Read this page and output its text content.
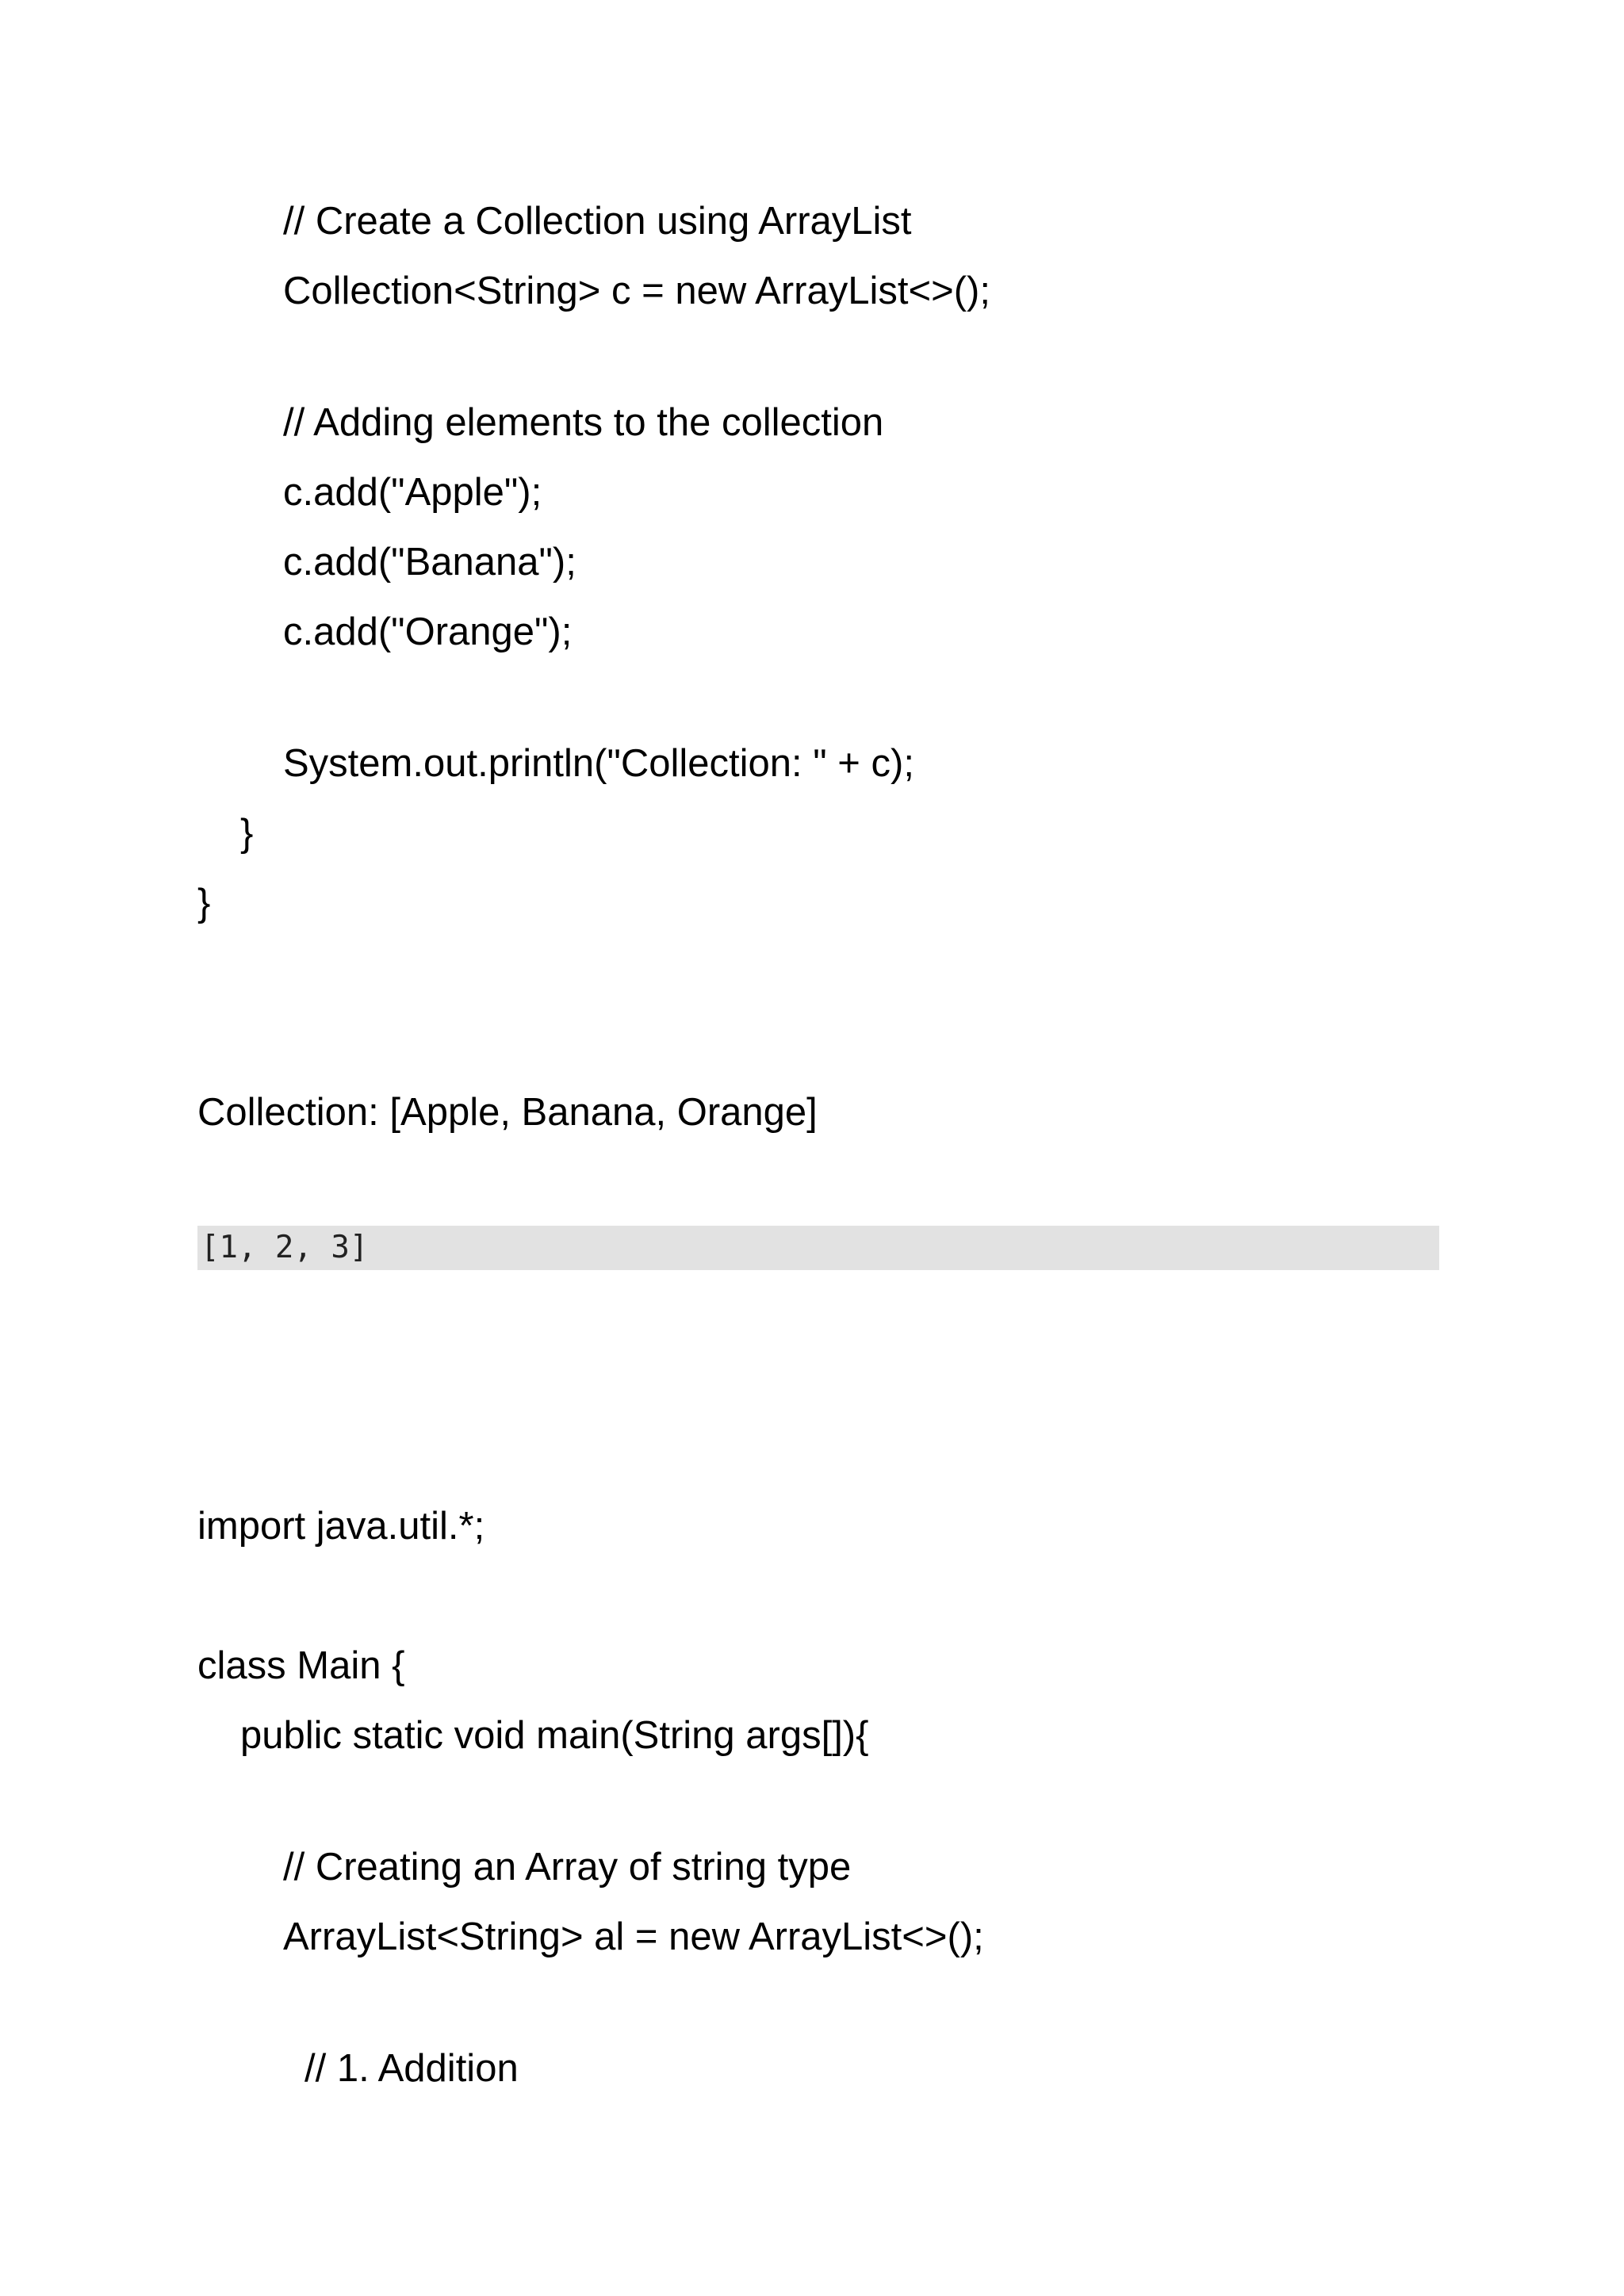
// Create a Collection using ArrayList
Collection<String> c = new ArrayList<>();
// Adding elements to the collection
c.add("Apple");
c.add("Banana");
c.add("Orange");
System.out.println("Collection: " + c);
}
}
Collection: [Apple, Banana, Orange]
[1, 2, 3]
import java.util.*;
class Main {
public static void main(String args[]){
// Creating an Array of string type
ArrayList<String> al = new ArrayList<>();
// 1. Addition
